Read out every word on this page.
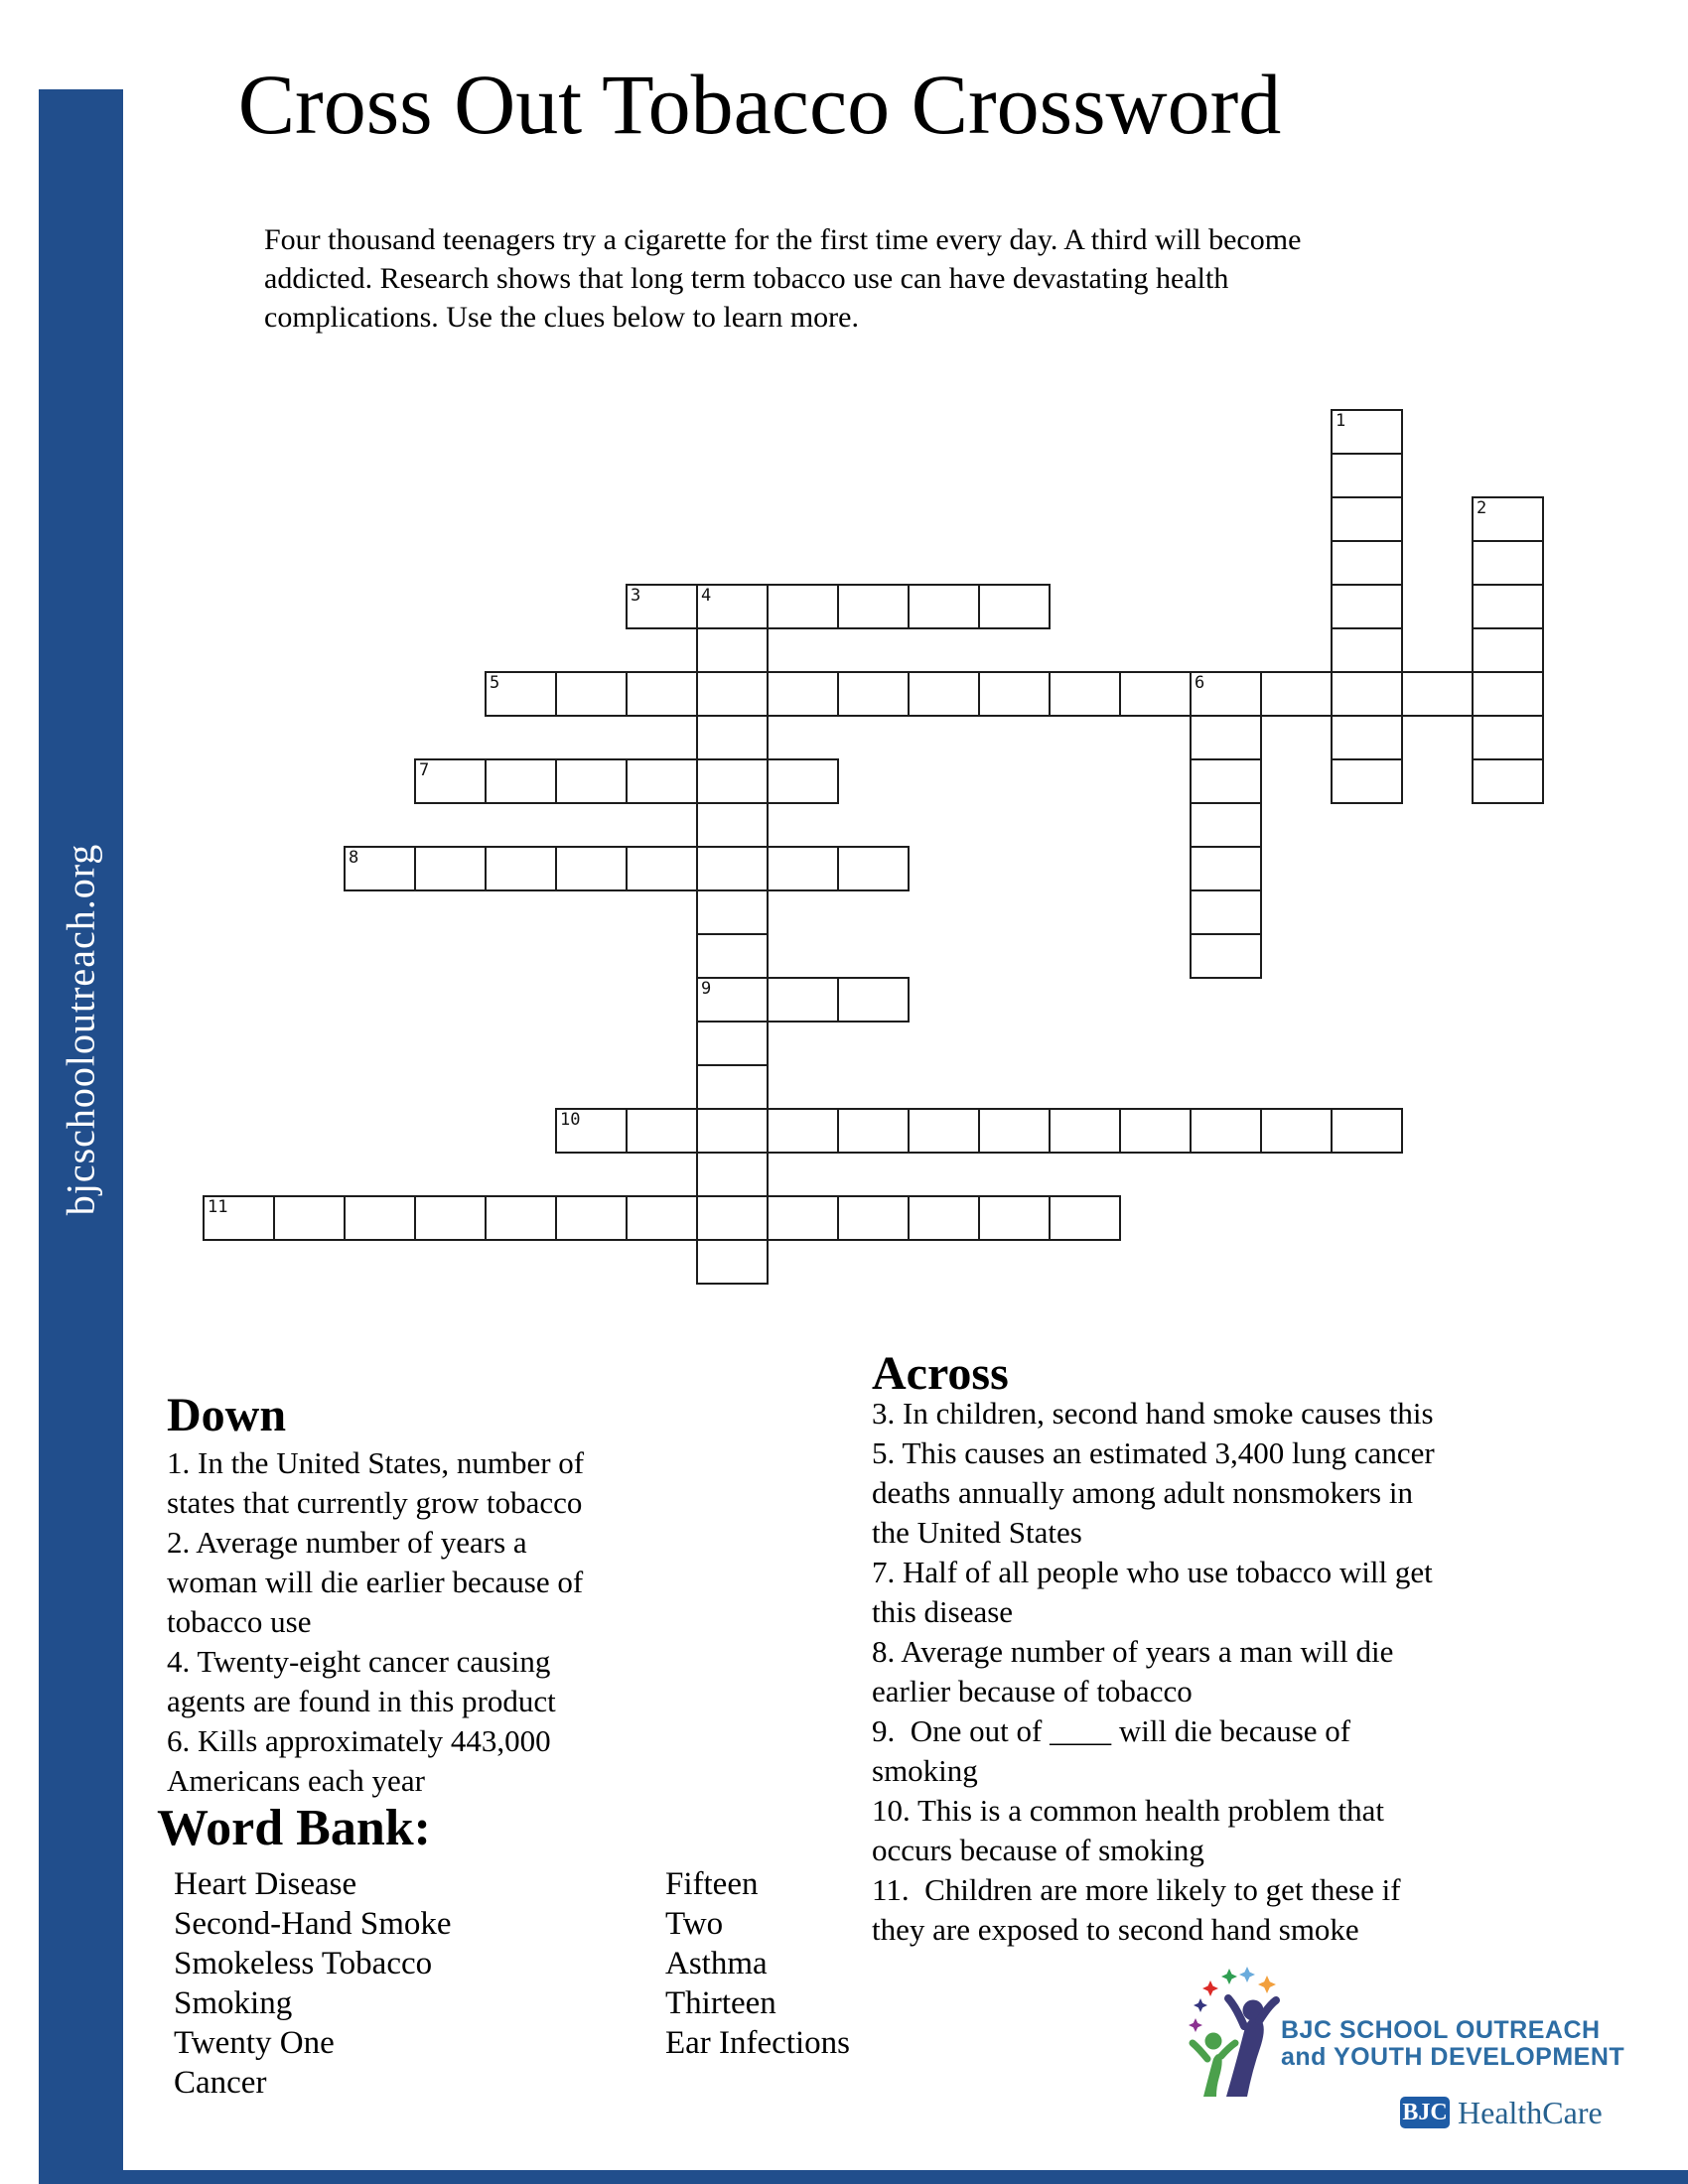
bjcschooloutreach.org
Cross Out Tobacco Crossword
Four thousand teenagers try a cigarette for the first time every day. A third will become
addicted. Research shows that long term tobacco use can have devastating health
complications. Use the clues below to learn more.
1
2
3	4
5	6
7
8
9
10
11
Down
1. In the United States, number of
states that currently grow tobacco
2. Average number of years a
woman will die earlier because of
tobacco use
4. Twenty-eight cancer causing
agents are found in this product
6. Kills approximately 443,000
Americans each year
Across
3. In children, second hand smoke causes this
5. This causes an estimated 3,400 lung cancer
deaths annually among adult nonsmokers in
the United States
7. Half of all people who use tobacco will get
this disease
8. Average number of years a man will die
earlier because of tobacco
9.  One out of ____ will die because of
smoking
10. This is a common health problem that
occurs because of smoking
11.  Children are more likely to get these if
they are exposed to second hand smoke
Word Bank:
Heart Disease
Second-Hand Smoke
Smokeless Tobacco
Smoking
Twenty One
Cancer
Fifteen
Two
Asthma
Thirteen
Ear Infections	BJC SCHOOL OUTREACH
and YOUTH DEVELOPMENT
BJC HealthCare
